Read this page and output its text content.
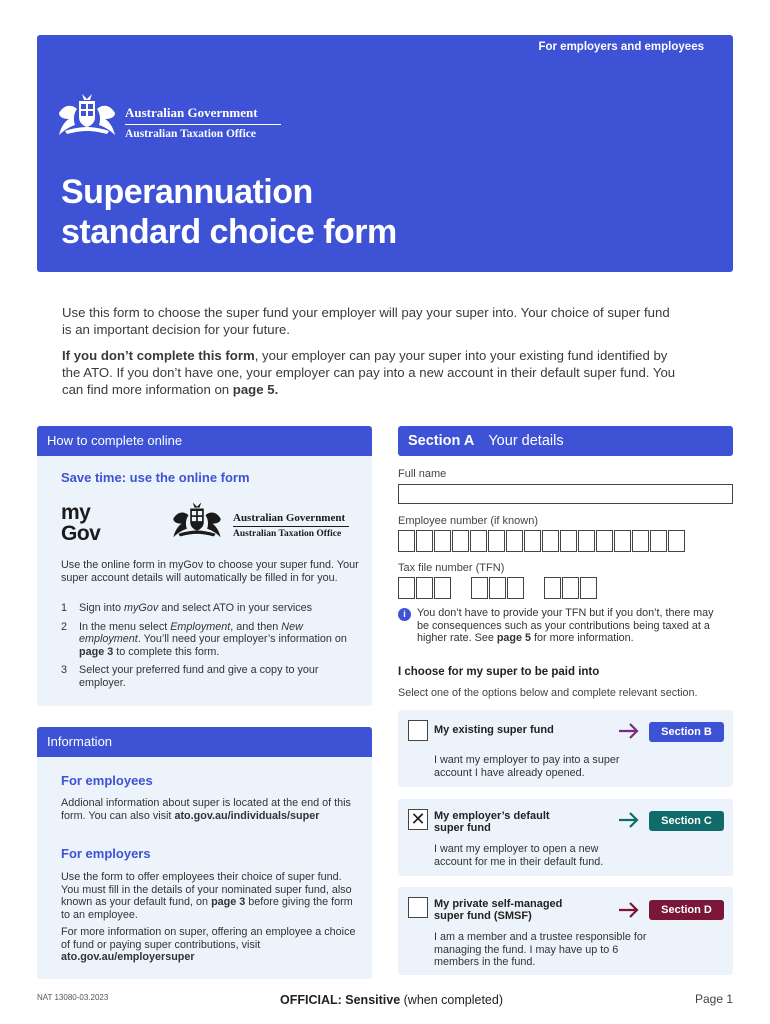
For employers and employees
Australian Government
Australian Taxation Office
Superannuation
standard choice form

Use this form to choose the super fund your employer will pay your super into. Your choice of super fund is an important decision for your future.

If you don’t complete this form, your employer can pay your super into your existing fund identified by the ATO. If you don’t have one, your employer can pay into a new account in their default super fund. You can find more information on page 5.

How to complete online
Save time: use the online form
my
Gov
Australian Government
Australian Taxation Office
Use the online form in myGov to choose your super fund. Your super account details will automatically be filled in for you.
1	Sign into myGov and select ATO in your services
2	In the menu select Employment, and then New employment. You’ll need your employer’s information on page 3 to complete this form.
3	Select your preferred fund and give a copy to your employer.
Information
For employees
Addional information about super is located at the end of this form. You can also visit ato.gov.au/individuals/super
For employers
Use the form to offer employees their choice of super fund. You must fill in the details of your nominated super fund, also known as your default fund, on page 3 before giving the form to an employee.
For more information on super, offering an employee a choice of fund or paying super contributions, visit ato.gov.au/employersuper
Section A Your details
Full name
Employee number (if known)
Tax file number (TFN)
i	You don’t have to provide your TFN but if you don’t, there may be consequences such as your contributions being taxed at a higher rate. See page 5 for more information.
I choose for my super to be paid into
Select one of the options below and complete relevant section.
My existing super fund
I want my employer to pay into a super account I have already opened.
Section B
✕ My employer’s default super fund
I want my employer to open a new account for me in their default fund.
Section C
My private self-managed super fund (SMSF)
I am a member and a trustee responsible for managing the fund. I may have up to 6 members in the fund.
Section D
NAT 13080-03.2023	OFFICIAL: Sensitive (when completed)	Page 1
